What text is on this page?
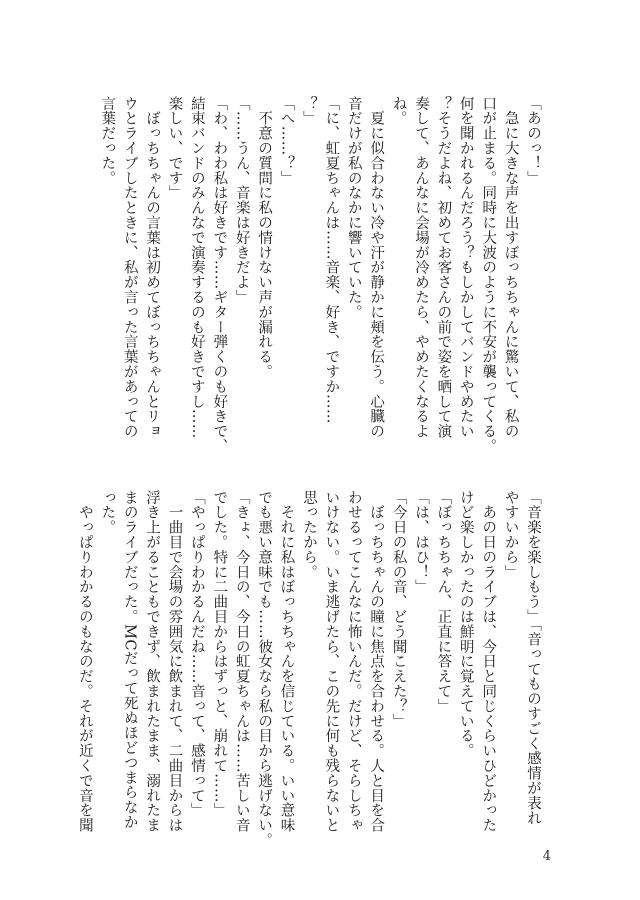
「あのっ！」
　急に大きな声を出すぼっちちゃんに驚いて、私の
口が止まる。同時に大波のように不安が襲ってくる。
何を聞かれるんだろう？もしかしてバンドやめたい
？そうだよね、初めてお客さんの前で姿を晒して演
奏して、あんなに会場が冷めたら、やめたくなるよ
ね。
　夏に似合わない冷や汗が静かに頬を伝う。心臓の
音だけが私のなかに響いていた。
「に、虹夏ちゃんは……音楽、好き、ですか……
？」
「へ……？」
　不意の質問に私の情けない声が漏れる。
「……うん、音楽は好きだよ」
「わ、わわ私は好きです……ギター弾くのも好きで、
結束バンドのみんなで演奏するのも好きですし……
楽しい、です」
　ぼっちちゃんの言葉は初めてぼっちちゃんとリョ
ウとライブしたときに、私が言った言葉があっての
言葉だった。
「音楽を楽しもう」「音ってものすごく感情が表れ
やすいから」
　あの日のライブは、今日と同じくらいひどかった
けど楽しかったのは鮮明に覚えている。
「ぼっちちゃん、正直に答えて」
「は、はひ！」
「今日の私の音、どう聞こえた？」
　ぼっちちゃんの瞳に焦点を合わせる。人と目を合
わせるってこんなに怖いんだ。だけど、そらしちゃ
いけない。いま逃げたら、この先に何も残らないと
思ったから。
　それに私はぼっちちゃんを信じている。いい意味
でも悪い意味でも……彼女なら私の目から逃げない。
「きょ、今日の、今日の虹夏ちゃんは……苦しい音
でした。特に二曲目からはずっと、崩れて……」
「やっぱりわかるんだね……音って、感情って」
　一曲目で会場の雰囲気に飲まれて、二曲目からは
浮き上がることもできず、飲まれたまま、溺れたま
まのライブだった。MCだって死ぬほどつまらなか
った。
　やっぱりわかるのもなのだ。それが近くで音を聞
4
